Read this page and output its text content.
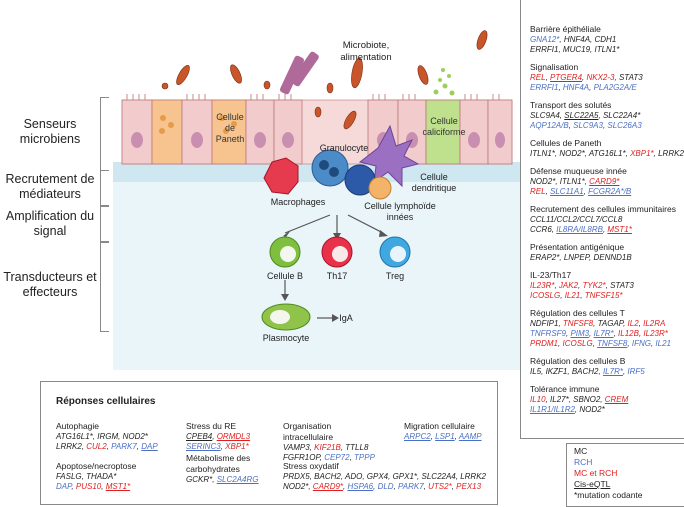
Senseurs microbiens
Recrutement de médiateurs
Amplification du signal
Transducteurs et effecteurs
Microbiote, alimentation
Cellule de Paneth
Cellule caliciforme
Granulocyte
Cellule dendritique
Macrophages	Cellule lymphoïde innées
Cellule B	Th17	Treg
Plasmocyte
IgA
Barrière épithéliale
GNA12*, HNF4A, CDH1
ERRFI1, MUC19, ITLN1*
Signalisation
REL, PTGER4, NKX2-3, STAT3
ERRFI1, HNF4A, PLA2G2A/E
Transport des solutés
SLC9A4, SLC22A5, SLC22A4*
AQP12A/B, SLC9A3, SLC26A3
Cellules de Paneth
ITLN1*, NOD2*, ATG16L1*, XBP1*, LRRK2
Défense muqueuse innée
NOD2*, ITLN1*, CARD9*
REL, SLC11A1, FCGR2A*/B
Recrutement des cellules immunitaires
CCL11/CCL2/CCL7/CCL8
CCR6, IL8RA/IL8RB, MST1*
Présentation antigénique
ERAP2*, LNPEP, DENND1B
IL-23/Th17
IL23R*, JAK2, TYK2*, STAT3
ICOSLG, IL21, TNFSF15*
Régulation des cellules T
NDFIP1, TNFSF8, TAGAP, IL2, IL2RA
TNFRSF9, PIM3, IL7R*, IL12B, IL23R*
PRDM1, ICOSLG, TNFSF8, IFNG, IL21
Régulation des cellules B
IL5, IKZF1, BACH2, IL7R*, IRF5
Tolérance immune
IL10, IL27*, SBNO2, CREM
IL1R1/IL1R2, NOD2*
Réponses cellulaires
Autophagie
ATG16L1*, IRGM, NOD2*
LRRK2, CUL2, PARK7, DAP
Apoptose/necroptose
FASLG, THADA*
DAP, PUS10, MST1*
Stress du RE
CPEB4, ORMDL3
SERINC3, XBP1*
Métabolisme des carbohydrates
GCKR*, SLC2A4RG
Organisation intracellulaire
VAMP3, KIF21B, TTLL8
FGFR1OP, CEP72, TPPP
Stress oxydatif
PRDX5, BACH2, ADO, GPX4, GPX1*, SLC22A4, LRRK2
NOD2*, CARD9*, HSPA6, DLD, PARK7, UTS2*, PEX13
Migration cellulaire
ARPC2, LSP1, AAMP
MC
RCH
MC et RCH
Cis-eQTL
*mutation codante
